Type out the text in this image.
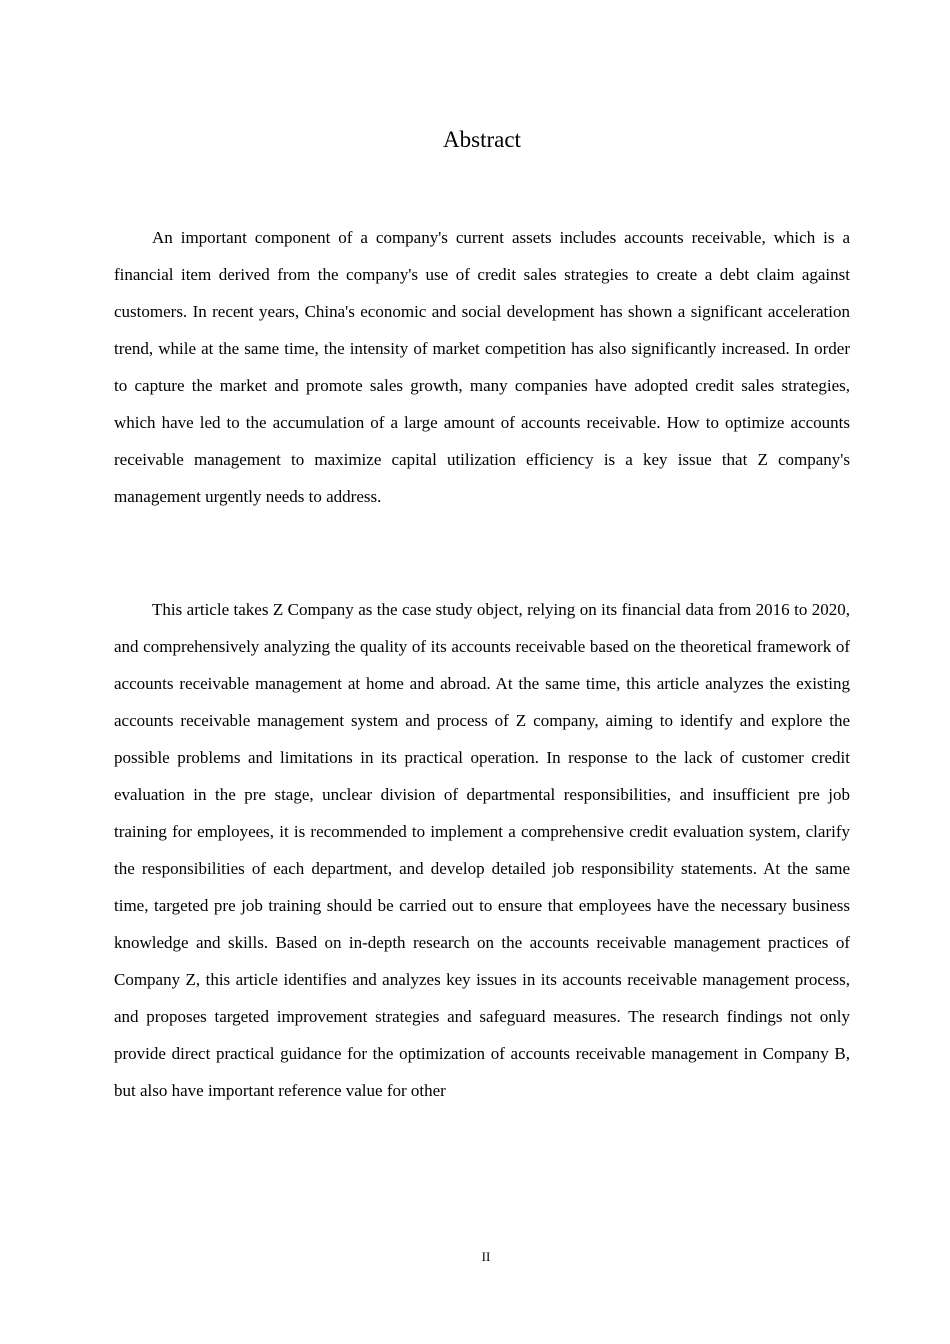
Abstract

An important component of a company's current assets includes accounts receivable, which is a financial item derived from the company's use of credit sales strategies to create a debt claim against customers. In recent years, China's economic and social development has shown a significant acceleration trend, while at the same time, the intensity of market competition has also significantly increased. In order to capture the market and promote sales growth, many companies have adopted credit sales strategies, which have led to the accumulation of a large amount of accounts receivable. How to optimize accounts receivable management to maximize capital utilization efficiency is a key issue that Z company's management urgently needs to address.

This article takes Z Company as the case study object, relying on its financial data from 2016 to 2020, and comprehensively analyzing the quality of its accounts receivable based on the theoretical framework of accounts receivable management at home and abroad. At the same time, this article analyzes the existing accounts receivable management system and process of Z company, aiming to identify and explore the possible problems and limitations in its practical operation. In response to the lack of customer credit evaluation in the pre stage, unclear division of departmental responsibilities, and insufficient pre job training for employees, it is recommended to implement a comprehensive credit evaluation system, clarify the responsibilities of each department, and develop detailed job responsibility statements. At the same time, targeted pre job training should be carried out to ensure that employees have the necessary business knowledge and skills. Based on in-depth research on the accounts receivable management practices of Company Z, this article identifies and analyzes key issues in its accounts receivable management process, and proposes targeted improvement strategies and safeguard measures. The research findings not only provide direct practical guidance for the optimization of accounts receivable management in Company B, but also have important reference value for other

II
